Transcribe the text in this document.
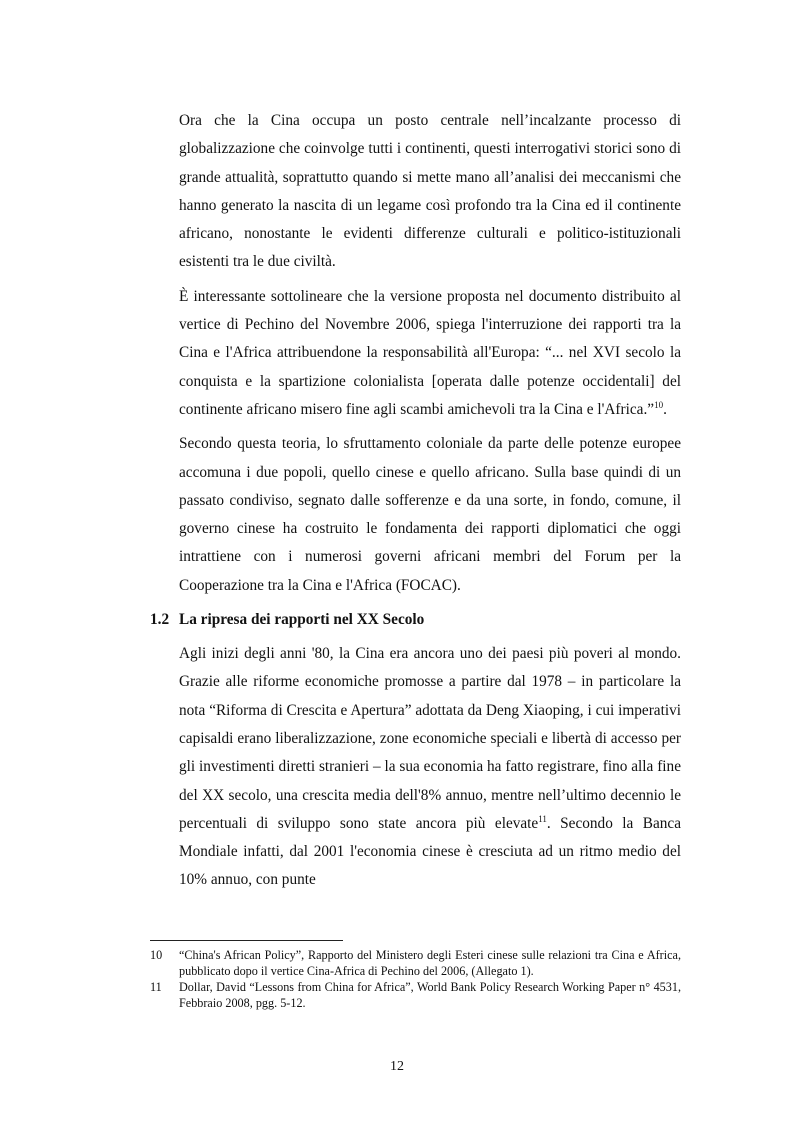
Ora che la Cina occupa un posto centrale nell’incalzante processo di globalizzazione che coinvolge tutti i continenti, questi interrogativi storici sono di grande attualità, soprattutto quando si mette mano all’analisi dei meccanismi che hanno generato la nascita di un legame così profondo tra la Cina ed il continente africano, nonostante le evidenti differenze culturali e politico-istituzionali esistenti tra le due civiltà.

È interessante sottolineare che la versione proposta nel documento distribuito al vertice di Pechino del Novembre 2006, spiega l'interruzione dei rapporti tra la Cina e l'Africa attribuendone la responsabilità all'Europa: “... nel XVI secolo la conquista e la spartizione colonialista [operata dalle potenze occidentali] del continente africano misero fine agli scambi amichevoli tra la Cina e l'Africa.”$^{10}$.

Secondo questa teoria, lo sfruttamento coloniale da parte delle potenze europee accomuna i due popoli, quello cinese e quello africano. Sulla base quindi di un passato condiviso, segnato dalle sofferenze e da una sorte, in fondo, comune, il governo cinese ha costruito le fondamenta dei rapporti diplomatici che oggi intrattiene con i numerosi governi africani membri del Forum per la Cooperazione tra la Cina e l'Africa (FOCAC).

1.2 La ripresa dei rapporti nel XX Secolo

Agli inizi degli anni '80, la Cina era ancora uno dei paesi più poveri al mondo. Grazie alle riforme economiche promosse a partire dal 1978 – in particolare la nota “Riforma di Crescita e Apertura” adottata da Deng Xiaoping, i cui imperativi capisaldi erano liberalizzazione, zone economiche speciali e libertà di accesso per gli investimenti diretti stranieri – la sua economia ha fatto registrare, fino alla fine del XX secolo, una crescita media dell'8% annuo, mentre nell’ultimo decennio le percentuali di sviluppo sono state ancora più elevate$^{11}$. Secondo la Banca Mondiale infatti, dal 2001 l'economia cinese è cresciuta ad un ritmo medio del 10% annuo, con punte

10 “China's African Policy”, Rapporto del Ministero degli Esteri cinese sulle relazioni tra Cina e Africa, pubblicato dopo il vertice Cina-Africa di Pechino del 2006, (Allegato 1).
11 Dollar, David “Lessons from China for Africa”, World Bank Policy Research Working Paper n° 4531, Febbraio 2008, pgg. 5-12.
12
